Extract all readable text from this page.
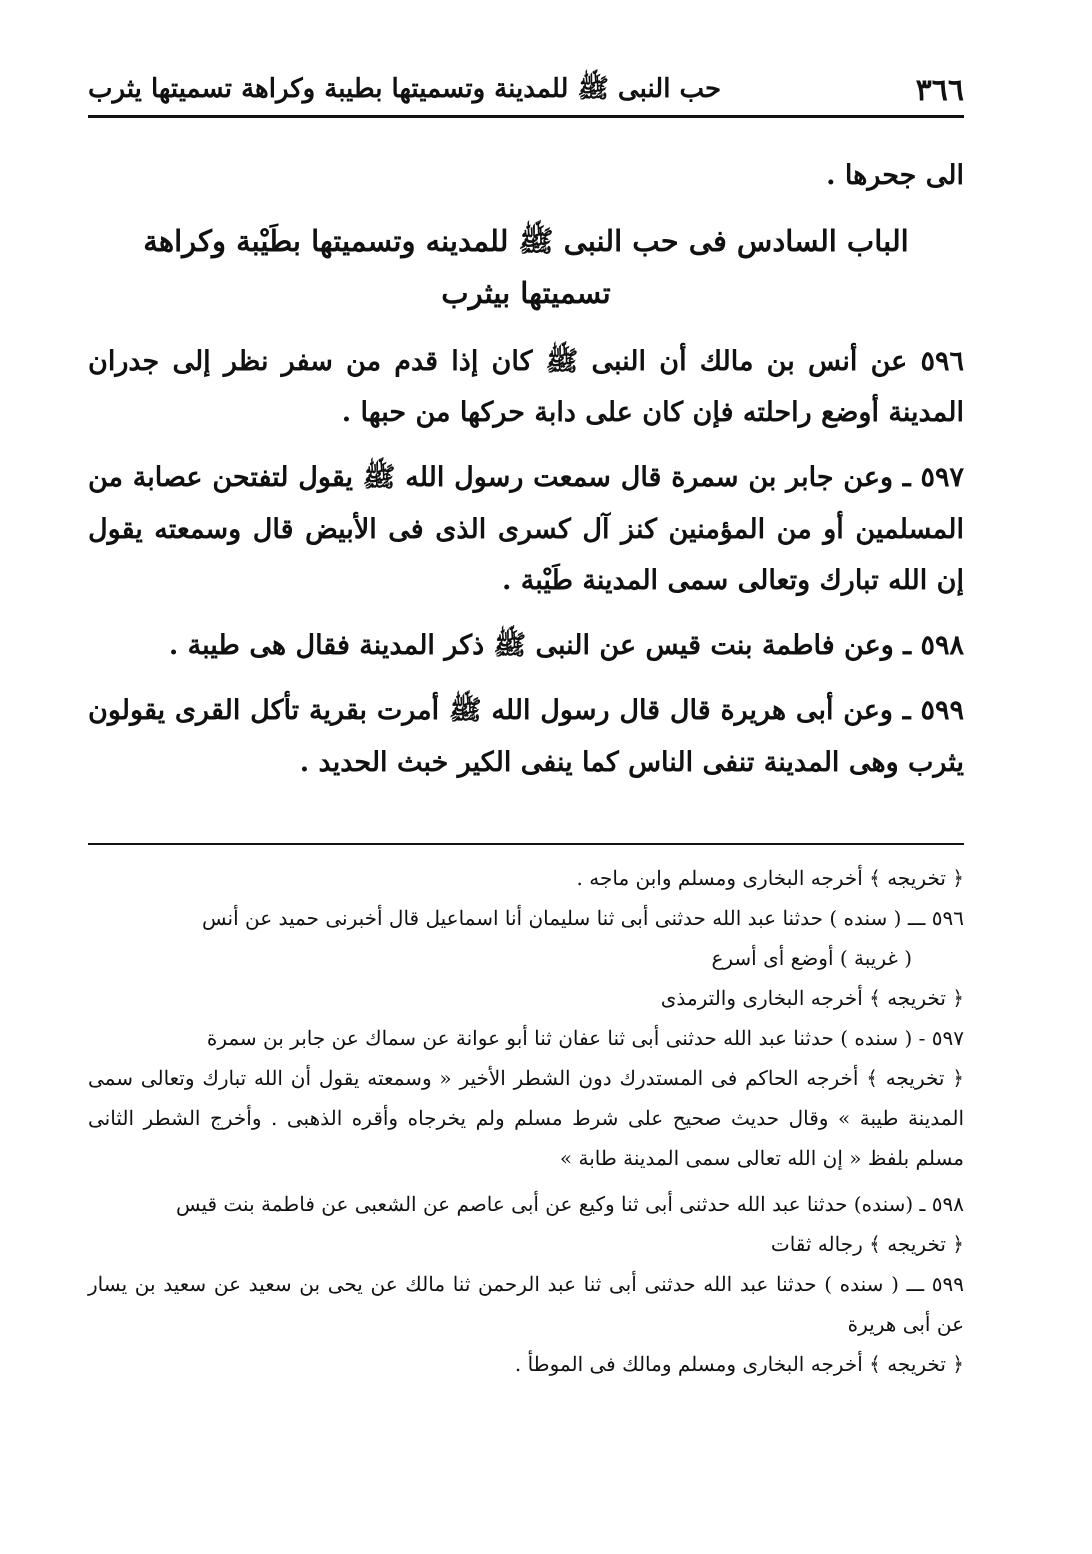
٣٦٦
حب النبى ﷺ للمدينة وتسميتها بطيبة وكراهة تسميتها يثرب

الى جحرها .

الباب السادس فى حب النبى ﷺ للمدينه وتسميتها بطَيْبة وكراهة
تسميتها بيثرب

٥٩٦ عن أنس بن مالك أن النبى ﷺ كان إذا قدم من سفر نظر إلى جدران المدينة أوضع راحلته فإن كان على دابة حركها من حبها .

٥٩٧ ـ وعن جابر بن سمرة قال سمعت رسول الله ﷺ يقول لتفتحن عصابة من المسلمين أو من المؤمنين كنز آل كسرى الذى فى الأبيض قال وسمعته يقول إن الله تبارك وتعالى سمى المدينة طَيْبة .

٥٩٨ ـ وعن فاطمة بنت قيس عن النبى ﷺ ذكر المدينة فقال هى طيبة .

٥٩٩ ـ وعن أبى هريرة قال قال رسول الله ﷺ أمرت بقرية تأكل القرى يقولون يثرب وهى المدينة تنفى الناس كما ينفى الكير خبث الحديد .

﴿ تخريجه ﴾ أخرجه البخارى ومسلم وابن ماجه .

٥٩٦ ـــ ( سنده ) حدثنا عبد الله حدثنى أبى ثنا سليمان أنا اسماعيل قال أخبرنى حميد عن أنس

( غريبة ) أوضع أى أسرع

﴿ تخريجه ﴾ أخرجه البخارى والترمذى

٥٩٧ - ( سنده ) حدثنا عبد الله حدثنى أبى ثنا عفان ثنا أبو عوانة عن سماك عن جابر بن سمرة

﴿ تخريجه ﴾ أخرجه الحاكم فى المستدرك دون الشطر الأخير « وسمعته يقول أن الله تبارك وتعالى سمى المدينة طيبة » وقال حديث صحيح على شرط مسلم ولم يخرجاه وأقره الذهبى . وأخرج الشطر الثانى مسلم بلفظ « إن الله تعالى سمى المدينة طابة »

٥٩٨ ـ (سنده) حدثنا عبد الله حدثنى أبى ثنا وكيع عن أبى عاصم عن الشعبى عن فاطمة بنت قيس

﴿ تخريجه ﴾ رجاله ثقات

٥٩٩ ـــ ( سنده ) حدثنا عبد الله حدثنى أبى ثنا عبد الرحمن ثنا مالك عن يحى بن سعيد عن سعيد بن يسار عن أبى هريرة

﴿ تخريجه ﴾ أخرجه البخارى ومسلم ومالك فى الموطأ .
